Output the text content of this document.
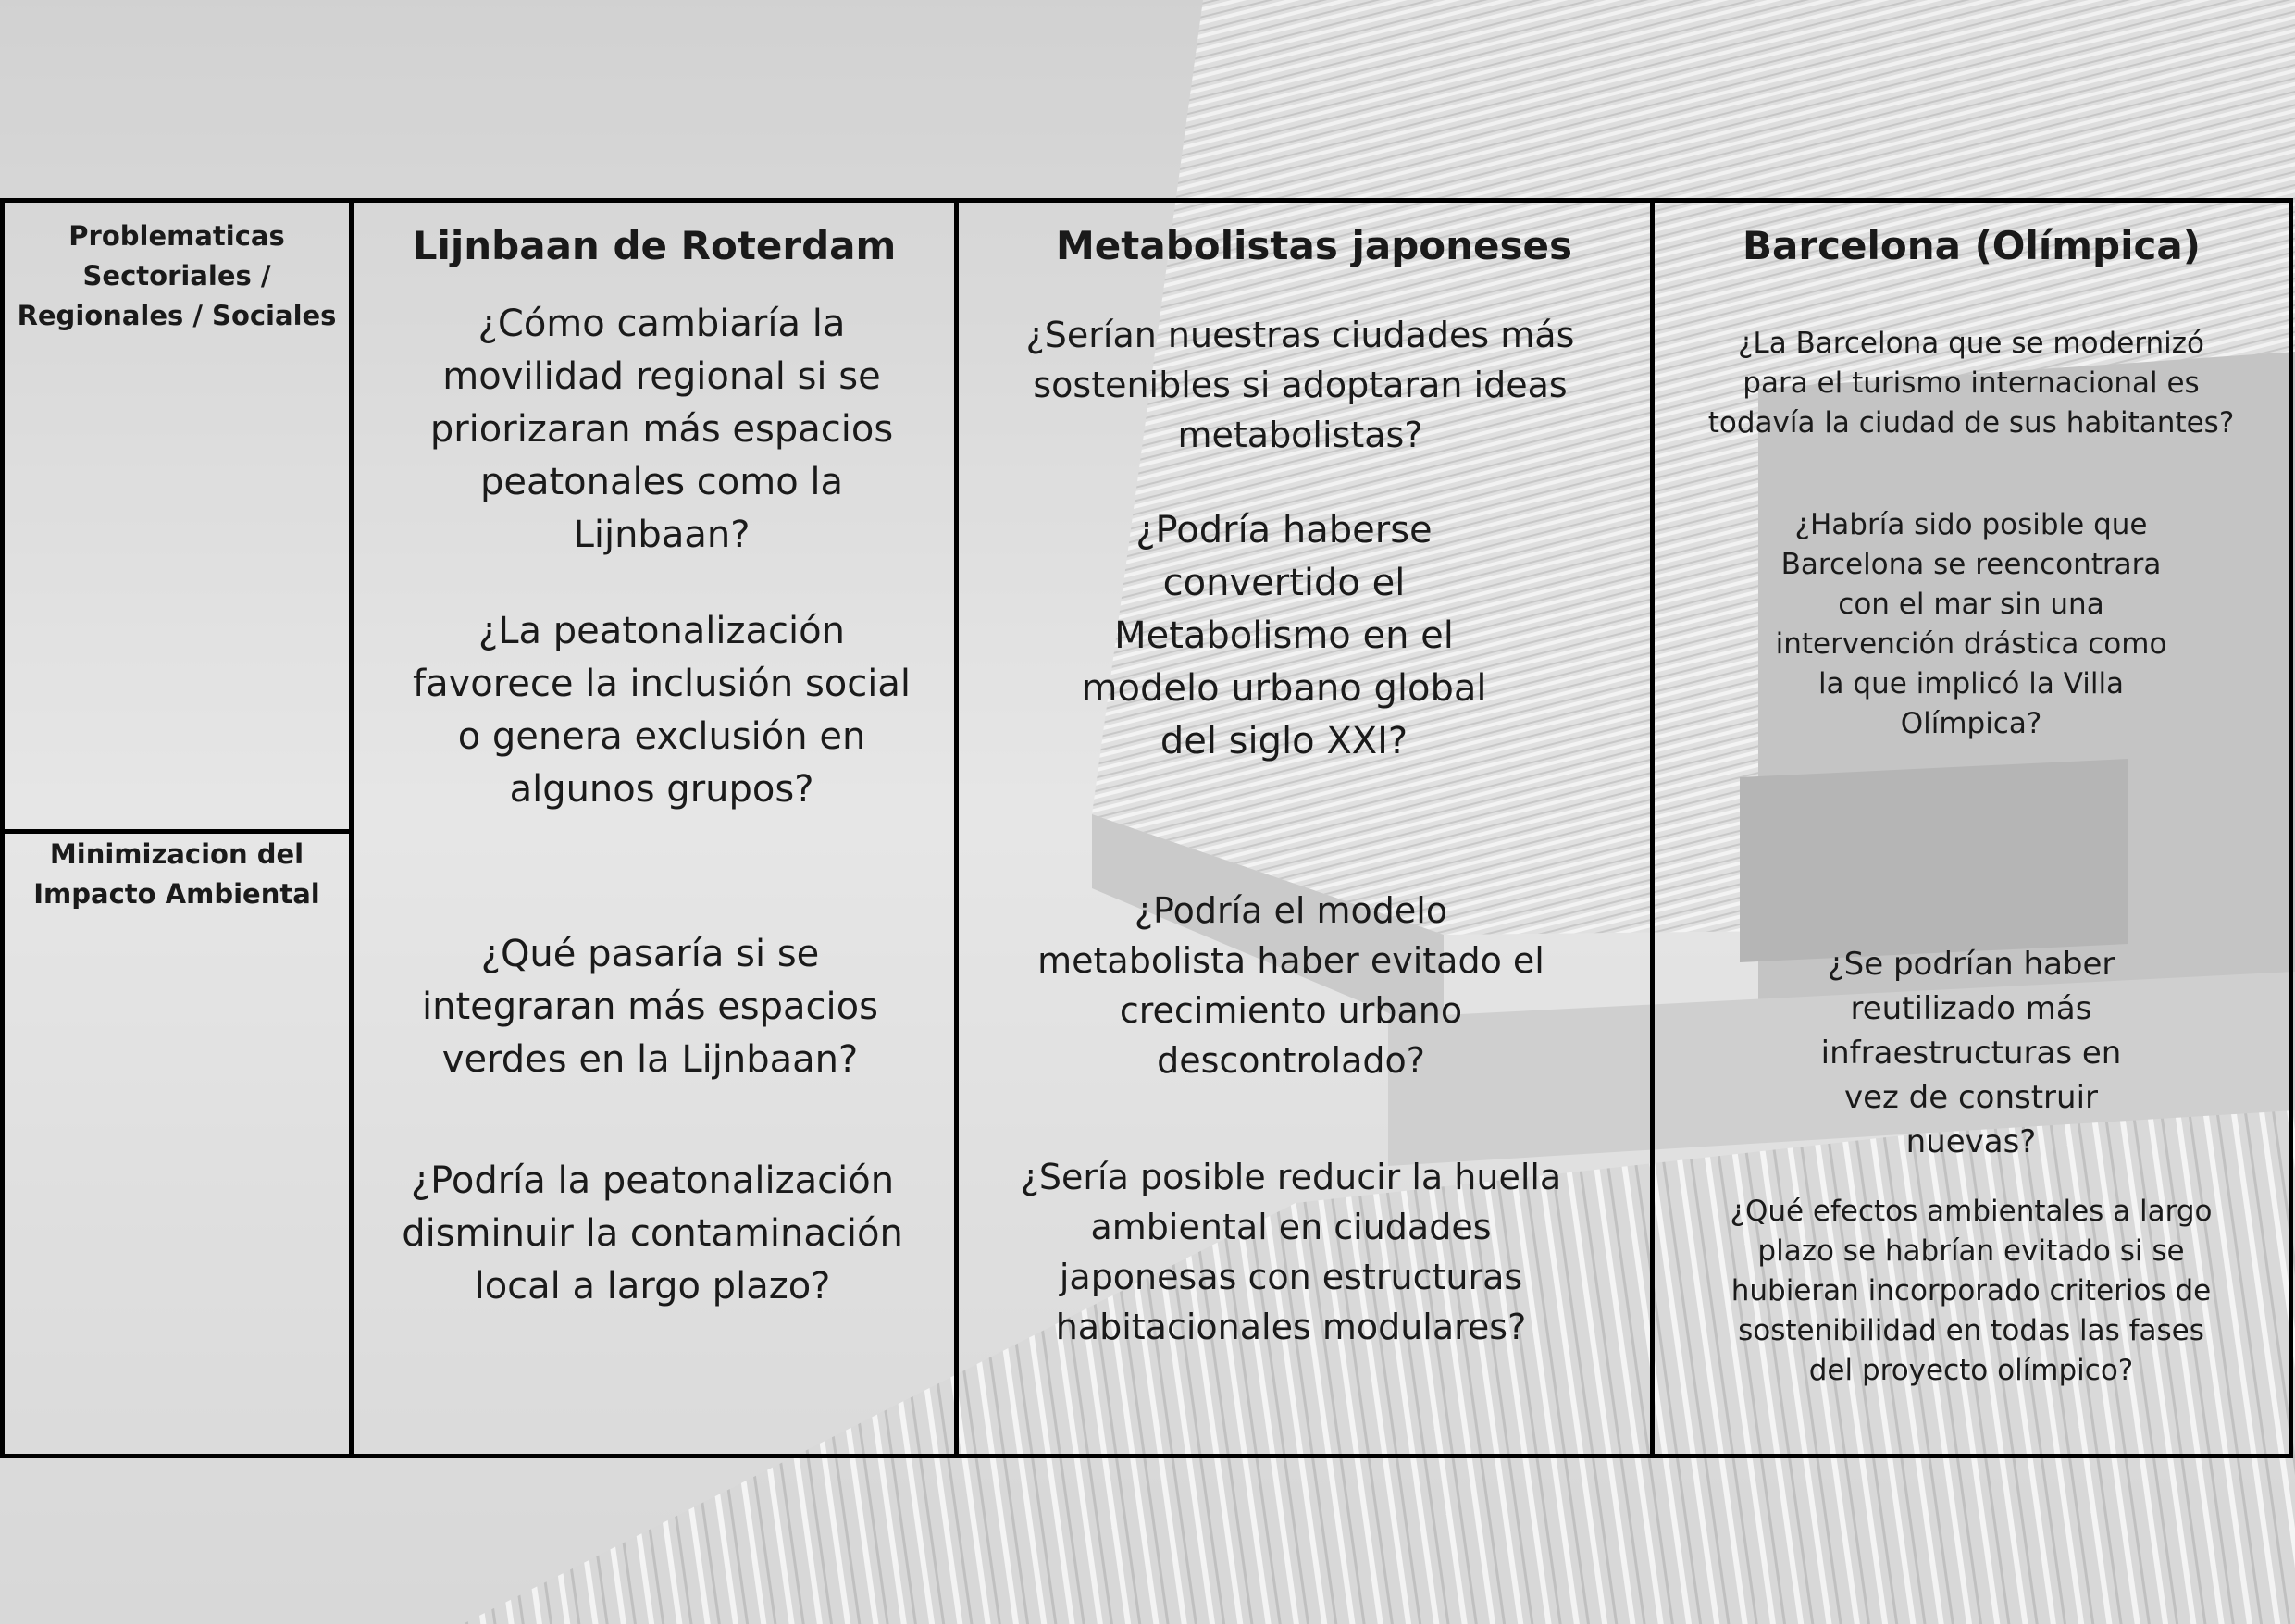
Problematicas Sectoriales / Regionales / Sociales
Minimizacion del Impacto Ambiental
Lijnbaan de Roterdam
¿Cómo cambiaría la movilidad regional si se priorizaran más espacios peatonales como la Lijnbaan?
¿La peatonalización favorece la inclusión social o genera exclusión en algunos grupos?
¿Qué pasaría si se integraran más espacios verdes en la Lijnbaan?
¿Podría la peatonalización disminuir la contaminación local a largo plazo?
Metabolistas japoneses
¿Serían nuestras ciudades más sostenibles si adoptaran ideas metabolistas?
¿Podría haberse convertido el Metabolismo en el modelo urbano global del siglo XXI?
¿Podría el modelo metabolista haber evitado el crecimiento urbano descontrolado?
¿Sería posible reducir la huella ambiental en ciudades japonesas con estructuras habitacionales modulares?
Barcelona (Olímpica)
¿La Barcelona que se modernizó para el turismo internacional es todavía la ciudad de sus habitantes?
¿Habría sido posible que Barcelona se reencontrara con el mar sin una intervención drástica como la que implicó la Villa Olímpica?
¿Se podrían haber reutilizado más infraestructuras en vez de construir nuevas?
¿Qué efectos ambientales a largo plazo se habrían evitado si se hubieran incorporado criterios de sostenibilidad en todas las fases del proyecto olímpico?
